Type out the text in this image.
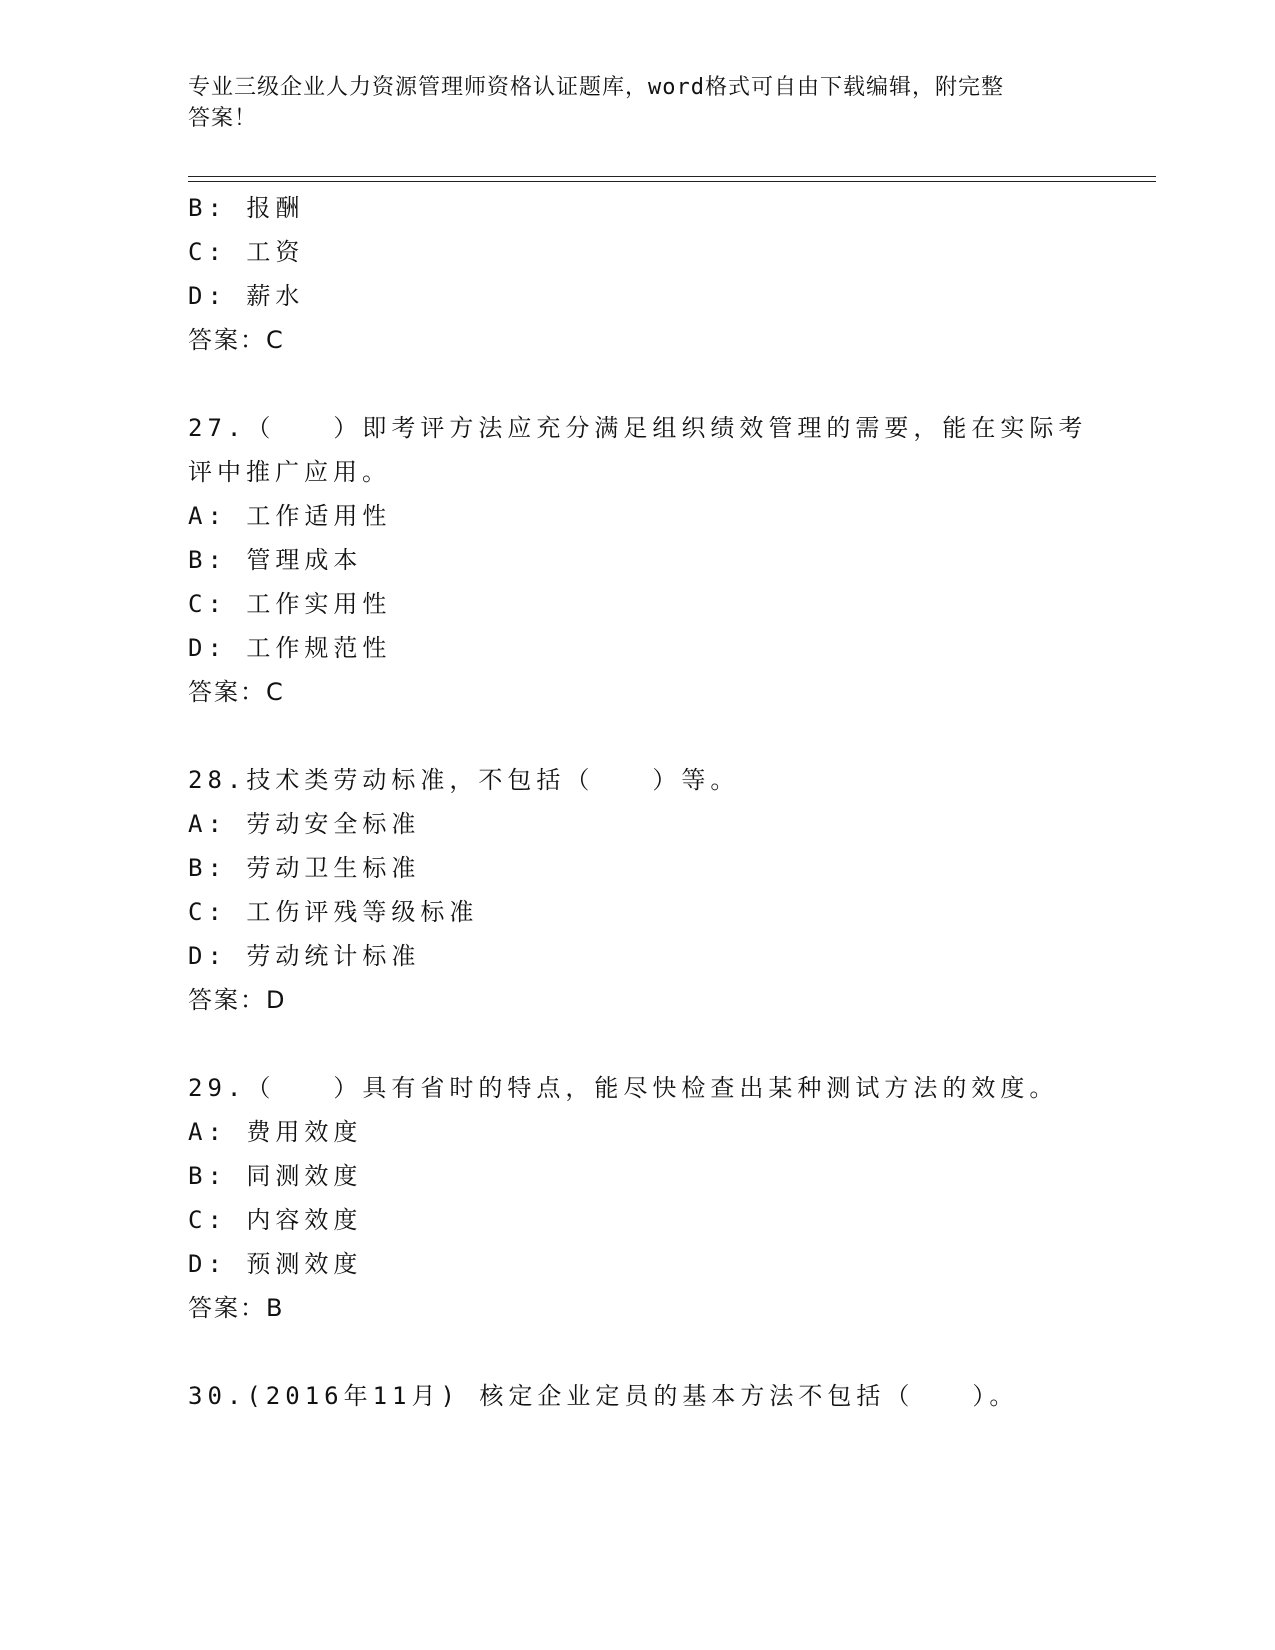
专业三级企业人力资源管理师资格认证题库，word格式可自由下载编辑，附完整
答案！
B: 报酬
C: 工资
D: 薪水
答案：C
27.（　　）即考评方法应充分满足组织绩效管理的需要，能在实际考
评中推广应用。
A: 工作适用性
B: 管理成本
C: 工作实用性
D: 工作规范性
答案：C
28.技术类劳动标准，不包括（　　）等。
A: 劳动安全标准
B: 劳动卫生标准
C: 工伤评残等级标准
D: 劳动统计标准
答案：D
29.（　　）具有省时的特点，能尽快检查出某种测试方法的效度。
A: 费用效度
B: 同测效度
C: 内容效度
D: 预测效度
答案：B
30.(2016年11月) 核定企业定员的基本方法不包括（　　）。
